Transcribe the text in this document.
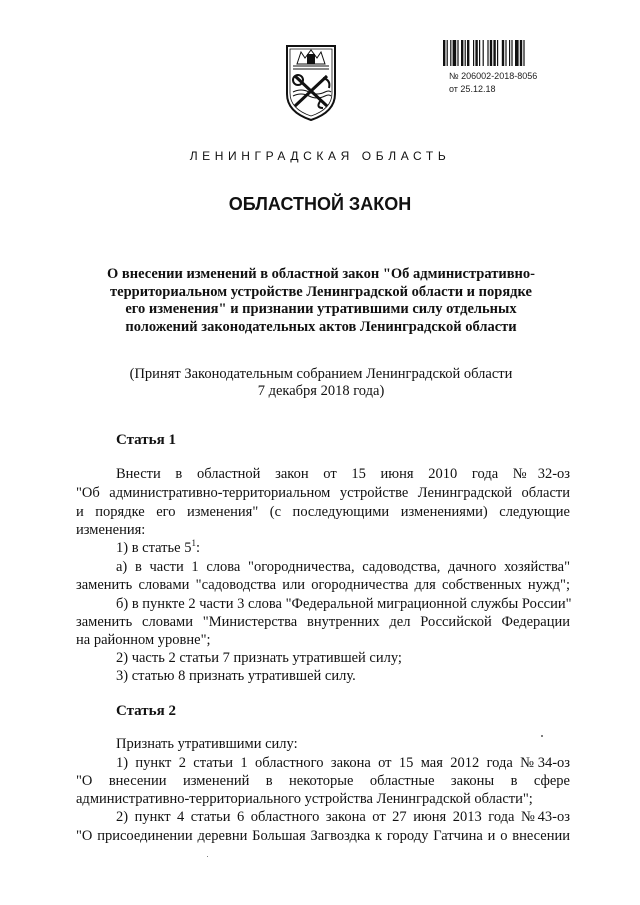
№ 206002-2018-8056
от 25.12.18
ЛЕНИНГРАДСКАЯ ОБЛАСТЬ
ОБЛАСТНОЙ ЗАКОН
О внесении изменений в областной закон "Об административно-
территориальном устройстве Ленинградской области и порядке
его изменения" и признании утратившими силу отдельных
положений законодательных актов Ленинградской области
(Принят Законодательным собранием Ленинградской области
7 декабря 2018 года)
Статья 1
Внести в областной закон от 15 июня 2010 года №32-оз
"Об административно-территориальном устройстве Ленинградской области
и порядке его изменения" (с последующими изменениями) следующие
изменения:
1) в статье $5^1$:
а) в части 1 слова "огородничества, садоводства, дачного хозяйства"
заменить словами "садоводства или огородничества для собственных нужд";
б) в пункте 2 части 3 слова "Федеральной миграционной службы России"
заменить словами "Министерства внутренних дел Российской Федерации
на районном уровне";
2) часть 2 статьи 7 признать утратившей силу;
3) статью 8 признать утратившей силу.
Статья 2
Признать утратившими силу:
1) пункт 2 статьи 1 областного закона от 15 мая 2012 года №34-оз
"О внесении изменений в некоторые областные законы в сфере
административно-территориального устройства Ленинградской области";
2) пункт 4 статьи 6 областного закона от 27 июня 2013 года №43-оз
"О присоединении деревни Большая Загвоздка к городу Гатчина и о внесении
